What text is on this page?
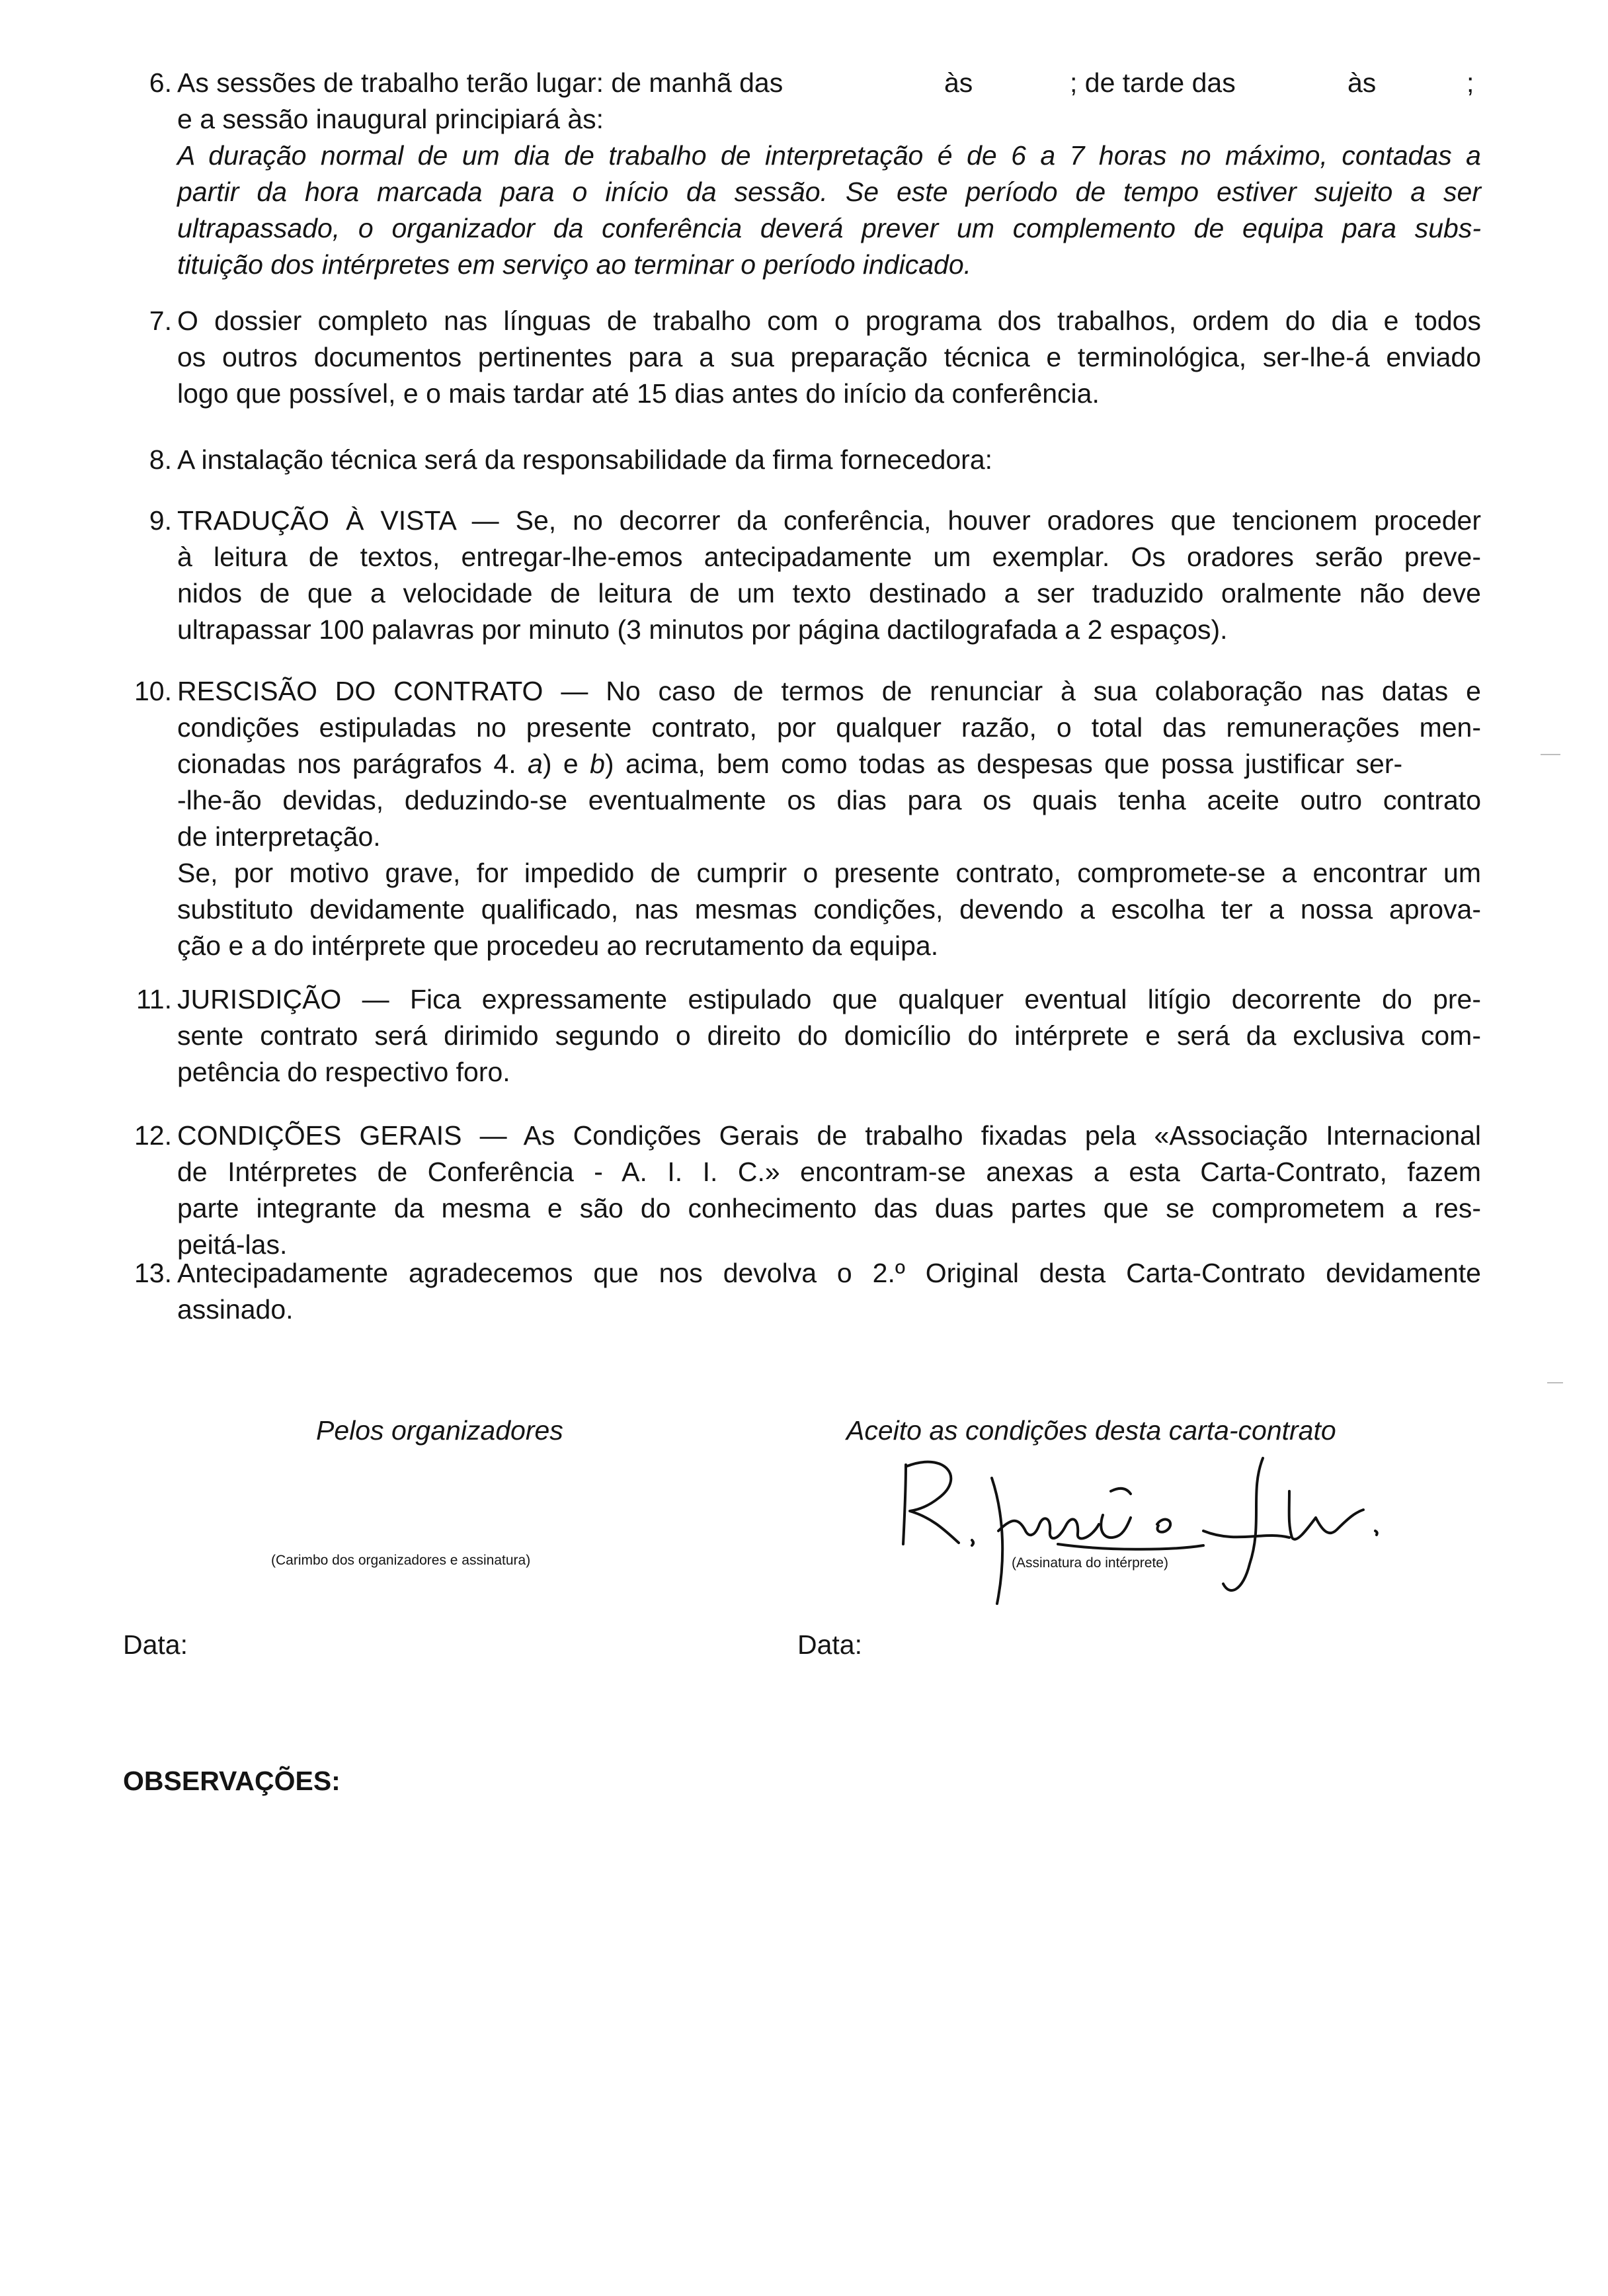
6. As sessões de trabalho terão lugar: de manhã das	às	; de tarde das	às	;
e a sessão inaugural principiará às:
A duração normal de um dia de trabalho de interpretação é de 6 a 7 horas no máximo, contadas a
partir da hora marcada para o início da sessão. Se este período de tempo estiver sujeito a ser
ultrapassado, o organizador da conferência deverá prever um complemento de equipa para subs-
tituição dos intérpretes em serviço ao terminar o período indicado.
7. O dossier completo nas línguas de trabalho com o programa dos trabalhos, ordem do dia e todos
os outros documentos pertinentes para a sua preparação técnica e terminológica, ser-lhe-á enviado
logo que possível, e o mais tardar até 15 dias antes do início da conferência.
8. A instalação técnica será da responsabilidade da firma fornecedora:
9. TRADUÇÃO À VISTA — Se, no decorrer da conferência, houver oradores que tencionem proceder
à leitura de textos, entregar-lhe-emos antecipadamente um exemplar. Os oradores serão preve-
nidos de que a velocidade de leitura de um texto destinado a ser traduzido oralmente não deve
ultrapassar 100 palavras por minuto (3 minutos por página dactilografada a 2 espaços).
10. RESCISÃO DO CONTRATO — No caso de termos de renunciar à sua colaboração nas datas e
condições estipuladas no presente contrato, por qualquer razão, o total das remunerações men-
cionadas nos parágrafos 4. a) e b) acima, bem como todas as despesas que possa justificar ser-
-lhe-ão devidas, deduzindo-se eventualmente os dias para os quais tenha aceite outro contrato
de interpretação.
Se, por motivo grave, for impedido de cumprir o presente contrato, compromete-se a encontrar um
substituto devidamente qualificado, nas mesmas condições, devendo a escolha ter a nossa aprova-
ção e a do intérprete que procedeu ao recrutamento da equipa.
11. JURISDIÇÃO — Fica expressamente estipulado que qualquer eventual litígio decorrente do pre-
sente contrato será dirimido segundo o direito do domicílio do intérprete e será da exclusiva com-
petência do respectivo foro.
12. CONDIÇÕES GERAIS — As Condições Gerais de trabalho fixadas pela «Associação Internacional
de Intérpretes de Conferência - A. I. I. C.» encontram-se anexas a esta Carta-Contrato, fazem
parte integrante da mesma e são do conhecimento das duas partes que se comprometem a res-
peitá-las.
13. Antecipadamente agradecemos que nos devolva o 2.º Original desta Carta-Contrato devidamente
assinado.
Pelos organizadores	Aceito as condições desta carta-contrato
(Carimbo dos organizadores e assinatura)	(Assinatura do intérprete)
Data:	Data:
OBSERVAÇÕES:
